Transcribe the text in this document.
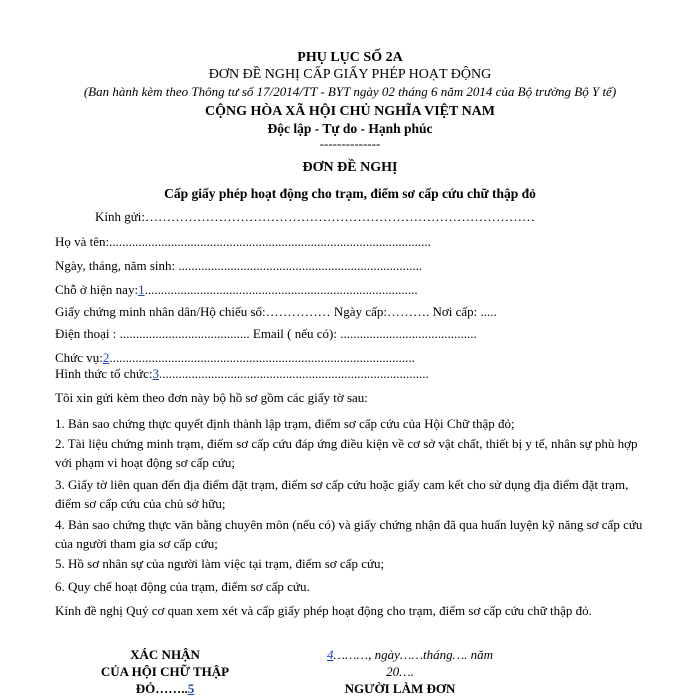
PHỤ LỤC SỐ 2A
ĐƠN ĐỀ NGHỊ CẤP GIẤY PHÉP HOẠT ĐỘNG
(Ban hành kèm theo Thông tư số 17/2014/TT - BYT ngày 02 tháng 6 năm 2014 của Bộ trưởng Bộ Y tế)
CỘNG HÒA XÃ HỘI CHỦ NGHĨA VIỆT NAM
Độc lập - Tự do - Hạnh phúc
--------------
ĐƠN ĐỀ NGHỊ
Cấp giấy phép hoạt động cho trạm, điểm sơ cấp cứu chữ thập đỏ
Kính gửi:………………………………………………………………………………
Họ và tên:...................................................................................................
Ngày, tháng, năm sinh: ...........................................................................
Chỗ ở hiện nay:1....................................................................................
Giấy chứng minh nhân dân/Hộ chiếu số:…………… Ngày cấp:………. Nơi cấp: .....
Điện thoại : ........................................ Email ( nếu có): ..........................................
Chức vụ:2..............................................................................................
Hình thức tổ chức:3...................................................................................
Tôi xin gửi kèm theo đơn này bộ hồ sơ gồm các giấy tờ sau:
1. Bản sao chứng thực quyết định thành lập trạm, điểm sơ cấp cứu của Hội Chữ thập đỏ;
2. Tài liệu chứng minh trạm, điểm sơ cấp cứu đáp ứng điều kiện về cơ sở vật chất, thiết bị y tế, nhân sự phù hợp với phạm vi hoạt động sơ cấp cứu;
3. Giấy tờ liên quan đến địa điểm đặt trạm, điểm sơ cấp cứu hoặc giấy cam kết cho sử dụng địa điểm đặt trạm, điểm sơ cấp cứu của chủ sở hữu;
4. Bản sao chứng thực văn bằng chuyên môn (nếu có) và giấy chứng nhận đã qua huấn luyện kỹ năng sơ cấp cứu của người tham gia sơ cấp cứu;
5. Hồ sơ nhân sự của người làm việc tại trạm, điểm sơ cấp cứu;
6. Quy chế hoạt động của trạm, điểm sơ cấp cứu.
Kính đề nghị Quý cơ quan xem xét và cấp giấy phép hoạt động cho trạm, điểm sơ cấp cứu chữ thập đỏ.
XÁC NHẬN
CỦA HỘI CHỮ THẬP
ĐỎ……..5
4………, ngày……tháng…. năm
20….
NGƯỜI LÀM ĐƠN
